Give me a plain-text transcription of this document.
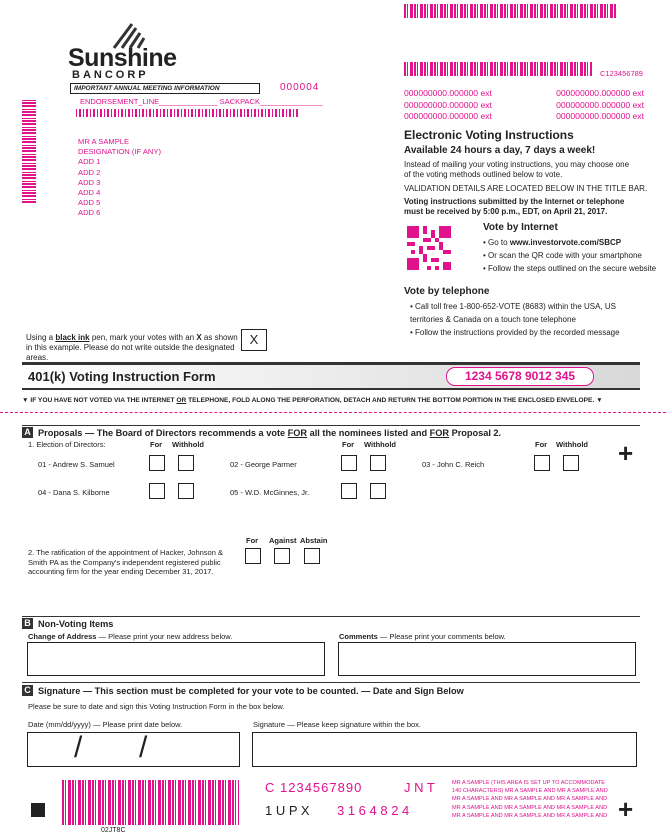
C123456789
Sunshine
BANCORP
IMPORTANT ANNUAL MEETING INFORMATION	000004
ENDORSEMENT_LINE______________ SACKPACK_______________
MR A SAMPLE
DESIGNATION (IF ANY)
ADD 1
ADD 2
ADD 3
ADD 4
ADD 5
ADD 6
000000000.000000 ext	000000000.000000 ext
000000000.000000 ext	000000000.000000 ext
000000000.000000 ext	000000000.000000 ext
Electronic Voting Instructions
Available 24 hours a day, 7 days a week!
Instead of mailing your voting instructions, you may choose one of the voting methods outlined below to vote.
VALIDATION DETAILS ARE LOCATED BELOW IN THE TITLE BAR.
Voting instructions submitted by the Internet or telephone must be received by 5:00 p.m., EDT, on April 21, 2017.
Vote by Internet
• Go to www.investorvote.com/SBCP
• Or scan the QR code with your smartphone
• Follow the steps outlined on the secure website
Vote by telephone
• Call toll free 1-800-652-VOTE (8683) within the USA, US territories & Canada on a touch tone telephone
• Follow the instructions provided by the recorded message
Using a black ink pen, mark your votes with an X as shown in this example. Please do not write outside the designated areas.
X
401(k) Voting Instruction Form	1234 5678 9012 345
▼ IF YOU HAVE NOT VOTED VIA THE INTERNET OR TELEPHONE, FOLD ALONG THE PERFORATION, DETACH AND RETURN THE BOTTOM PORTION IN THE ENCLOSED ENVELOPE. ▼
A Proposals — The Board of Directors recommends a vote FOR all the nominees listed and FOR Proposal 2.
1. Election of Directors:	For Withhold	For Withhold	For Withhold
01 - Andrew S. Samuel	02 - George Parmer	03 - John C. Reich	+
04 - Dana S. Kilborne	05 - W.D. McGinnes, Jr.
For Against Abstain
2. The ratification of the appointment of Hacker, Johnson & Smith PA as the Company's independent registered public accounting firm for the year ending December 31, 2017.
B Non-Voting Items
Change of Address — Please print your new address below.	Comments — Please print your comments below.
C Signature — This section must be completed for your vote to be counted. — Date and Sign Below
Please be sure to date and sign this Voting Instruction Form in the box below.
Date (mm/dd/yyyy) — Please print date below.
/ /
Signature — Please keep signature within the box.
C 1234567890	J N T
1 U P X 3 1 6 4 8 2 4
MR A SAMPLE (THIS AREA IS SET UP TO ACCOMMODATE
140 CHARACTERS) MR A SAMPLE AND MR A SAMPLE AND
MR A SAMPLE AND MR A SAMPLE AND MR A SAMPLE AND
MR A SAMPLE AND MR A SAMPLE AND MR A SAMPLE AND
MR A SAMPLE AND MR A SAMPLE AND MR A SAMPLE AND +
02JT8C
